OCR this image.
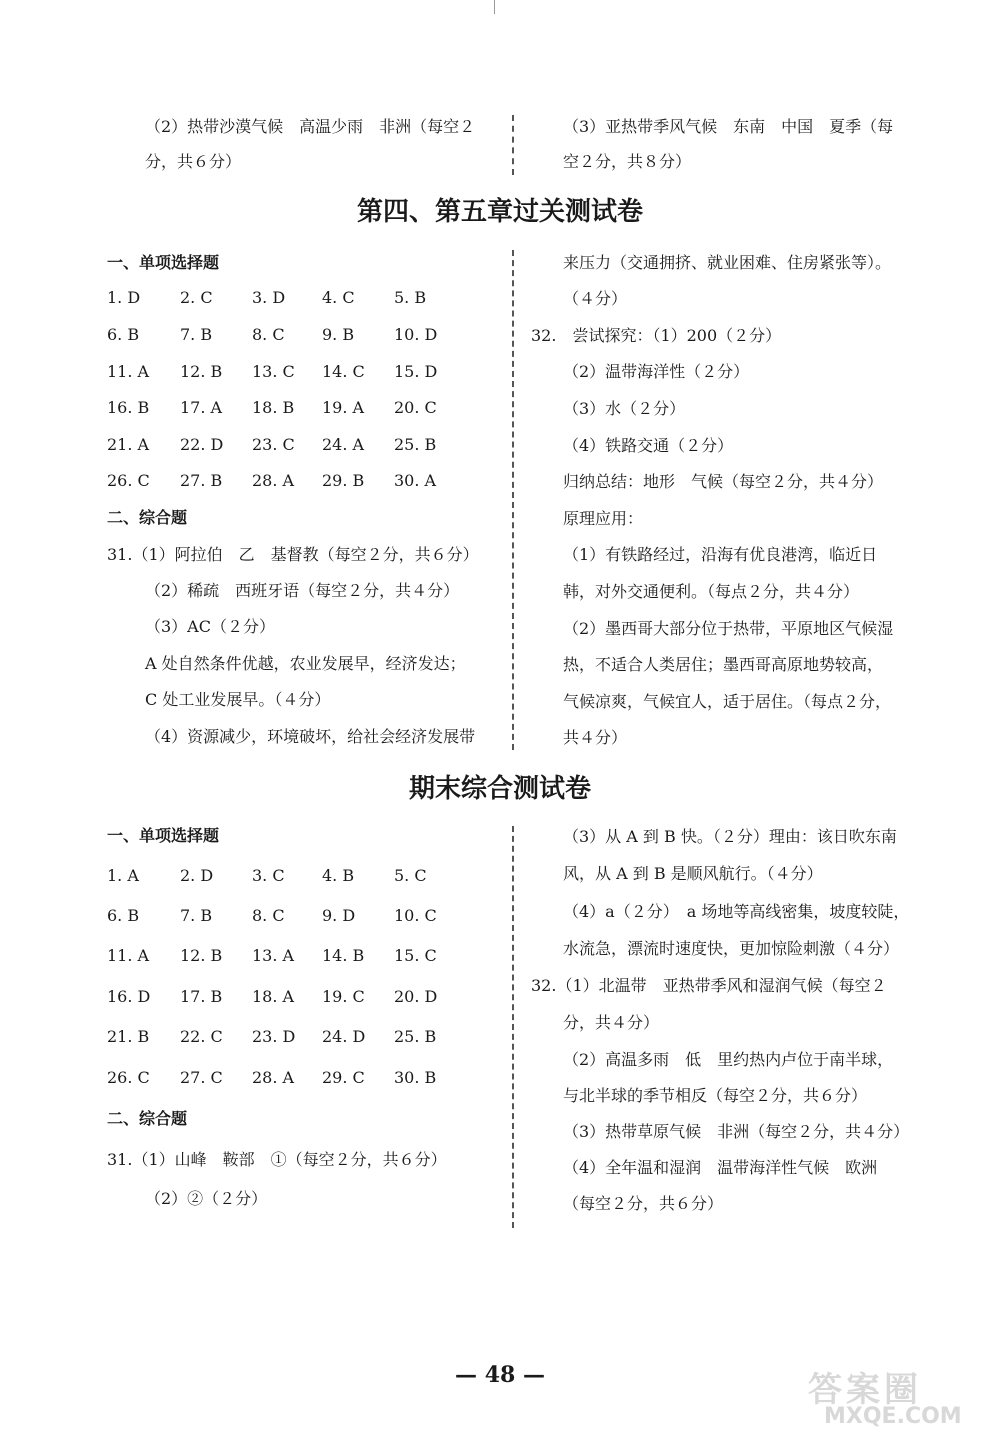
（2）热带沙漠气候　高温少雨　非洲（每空２
分，共６分）
（3）亚热带季风气候　东南　中国　夏季（每
空２分，共８分）
第四、第五章过关测试卷
一、单项选择题
1. D 2. C 3. D 4. C 5. B
6. B	7. B 8. C 9. B 10. D
11. A 12. B 13. C 14. C 15. D
16. B 17. A 18. B 19. A 20. C
21. A 22. D 23. C 24. A 25. B
26. C 27. B 28. A 29. B 30. A
二、综合题
31.（1）阿拉伯　乙　基督教（每空２分，共６分）
（2）稀疏　西班牙语（每空２分，共４分）
（3）AC（２分）
A 处自然条件优越，农业发展早，经济发达；
C 处工业发展早。（４分）
（4）资源减少，环境破坏，给社会经济发展带
来压力（交通拥挤、就业困难、住房紧张等）。
（４分）
32.　尝试探究：（1）200（２分）
（2）温带海洋性（２分）
（3）水（２分）
（4）铁路交通（２分）
归纳总结：地形　气候（每空２分，共４分）
原理应用：
（1）有铁路经过，沿海有优良港湾，临近日
韩，对外交通便利。（每点２分，共４分）
（2）墨西哥大部分位于热带，平原地区气候湿
热，不适合人类居住；墨西哥高原地势较高，
气候凉爽，气候宜人，适于居住。（每点２分，
共４分）
期末综合测试卷
一、单项选择题
1. A	2. D 3. C 4. B 5. C
6. B	7. B 8. C 9. D 10. C
11. A 12. B 13. A 14. B 15. C
16. D 17. B 18. A 19. C 20. D
21. B 22. C 23. D 24. D 25. B
26. C 27. C 28. A 29. C 30. B
二、综合题
31.（1）山峰　鞍部　①（每空２分，共６分）
（2）②（２分）
（3）从 A 到 B 快。（２分）理由：该日吹东南
风，从 A 到 B 是顺风航行。（４分）
（4）a（２分）　a 场地等高线密集，坡度较陡，
水流急，漂流时速度快，更加惊险刺激（４分）
32.（1）北温带　亚热带季风和湿润气候（每空２
分，共４分）
（2）高温多雨　低　里约热内卢位于南半球，
与北半球的季节相反（每空２分，共６分）
（3）热带草原气候　非洲（每空２分，共４分）
（4）全年温和湿润　温带海洋性气候　欧洲
（每空２分，共６分）
— 48 —	答案圈
MXQE.COM
